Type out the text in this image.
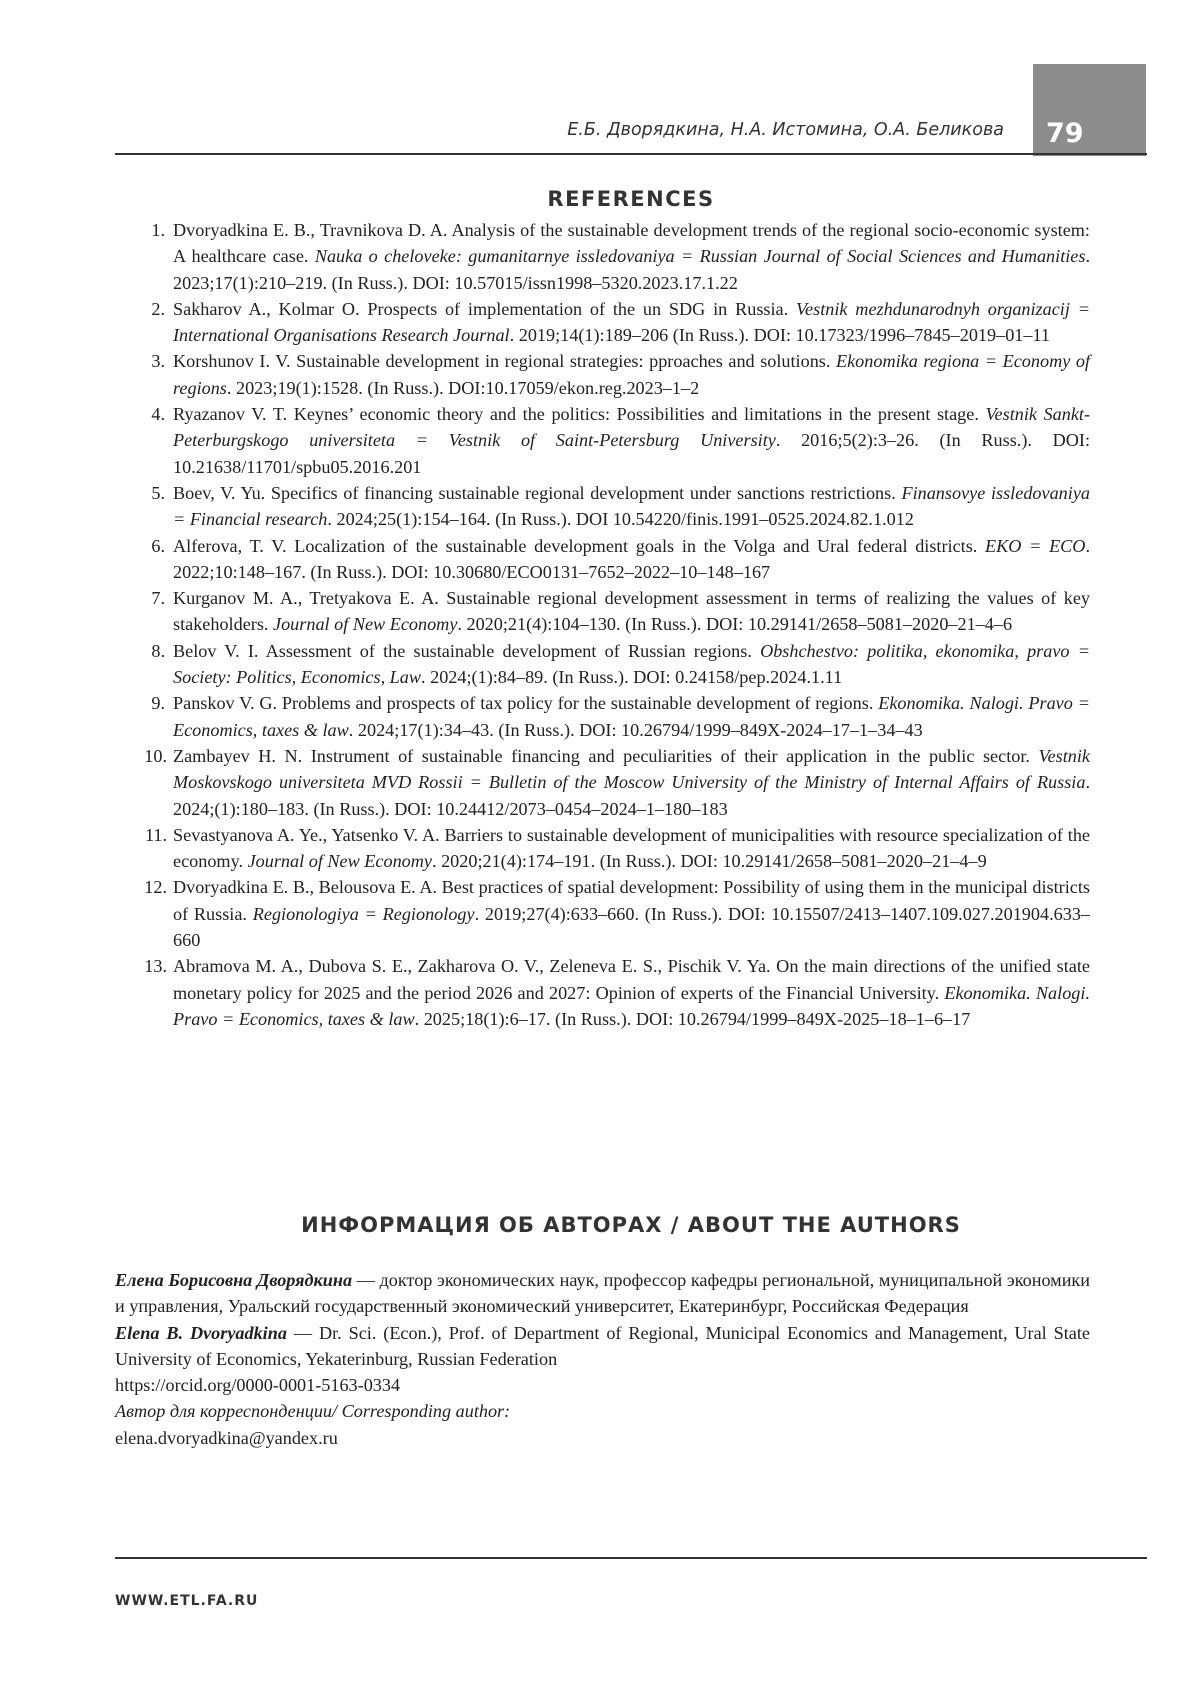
79
Е.Б. Дворядкина, Н.А. Истомина, О.А. Беликова
REFERENCES
1. Dvoryadkina E. B., Travnikova D. A. Analysis of the sustainable development trends of the regional socio-economic system: A healthcare case. Nauka o cheloveke: gumanitarnye issledovaniya = Russian Journal of Social Sciences and Humanities. 2023;17(1):210–219. (In Russ.). DOI: 10.57015/issn1998–5320.2023.17.1.22
2. Sakharov A., Kolmar O. Prospects of implementation of the un SDG in Russia. Vestnik mezhdunarodnyh organizacij = International Organisations Research Journal. 2019;14(1):189–206 (In Russ.). DOI: 10.17323/1996–7845–2019–01–11
3. Korshunov I. V. Sustainable development in regional strategies: pproaches and solutions. Ekonomika regiona = Economy of regions. 2023;19(1):1528. (In Russ.). DOI:10.17059/ekon.reg.2023–1–2
4. Ryazanov V. T. Keynes’ economic theory and the politics: Possibilities and limitations in the present stage. Vestnik Sankt-Peterburgskogo universiteta = Vestnik of Saint-Petersburg University. 2016;5(2):3–26. (In Russ.). DOI: 10.21638/11701/spbu05.2016.201
5. Boev, V. Yu. Specifics of financing sustainable regional development under sanctions restrictions. Finansovye issledovaniya = Financial research. 2024;25(1):154–164. (In Russ.). DOI 10.54220/finis.1991–0525.2024.82.1.012
6. Alferova, T. V. Localization of the sustainable development goals in the Volga and Ural federal districts. EKO = ECO. 2022;10:148–167. (In Russ.). DOI: 10.30680/ECO0131–7652–2022–10–148–167
7. Kurganov M. A., Tretyakova E. A. Sustainable regional development assessment in terms of realizing the values of key stakeholders. Journal of New Economy. 2020;21(4):104–130. (In Russ.). DOI: 10.29141/2658–5081–2020–21–4–6
8. Belov V. I. Assessment of the sustainable development of Russian regions. Obshchestvo: politika, ekonomika, pravo = Society: Politics, Economics, Law. 2024;(1):84–89. (In Russ.). DOI: 0.24158/pep.2024.1.11
9. Panskov V. G. Problems and prospects of tax policy for the sustainable development of regions. Ekonomika. Nalogi. Pravo = Economics, taxes & law. 2024;17(1):34–43. (In Russ.). DOI: 10.26794/1999–849X-2024–17–1–34–43
10. Zambayev H. N. Instrument of sustainable financing and peculiarities of their application in the public sector. Vestnik Moskovskogo universiteta MVD Rossii = Bulletin of the Moscow University of the Ministry of Internal Affairs of Russia. 2024;(1):180–183. (In Russ.). DOI: 10.24412/2073–0454–2024–1–180–183
11. Sevastyanova A. Ye., Yatsenko V. A. Barriers to sustainable development of municipalities with resource specialization of the economy. Journal of New Economy. 2020;21(4):174–191. (In Russ.). DOI: 10.29141/2658–5081–2020–21–4–9
12. Dvoryadkina E. B., Belousova E. A. Best practices of spatial development: Possibility of using them in the municipal districts of Russia. Regionologiya = Regionology. 2019;27(4):633–660. (In Russ.). DOI: 10.15507/2413–1407.109.027.201904.633–660
13. Abramova M. A., Dubova S. E., Zakharova O. V., Zeleneva E. S., Pischik V. Ya. On the main directions of the unified state monetary policy for 2025 and the period 2026 and 2027: Opinion of experts of the Financial University. Ekonomika. Nalogi. Pravo = Economics, taxes & law. 2025;18(1):6–17. (In Russ.). DOI: 10.26794/1999–849X-2025–18–1–6–17
ИНФОРМАЦИЯ ОБ АВТОРАХ / ABOUT THE AUTHORS

Елена Борисовна Дворядкина — доктор экономических наук, профессор кафедры региональной, муниципальной экономики и управления, Уральский государственный экономический университет, Екатеринбург, Российская Федерация

Elena B. Dvoryadkina — Dr. Sci. (Econ.), Prof. of Department of Regional, Municipal Economics and Management, Ural State University of Economics, Yekaterinburg, Russian Federation

https://orcid.org/0000-0001-5163-0334

Автор для корреспонденции/ Corresponding author:

elena.dvoryadkina@yandex.ru

WWW.ETL.FA.RU
